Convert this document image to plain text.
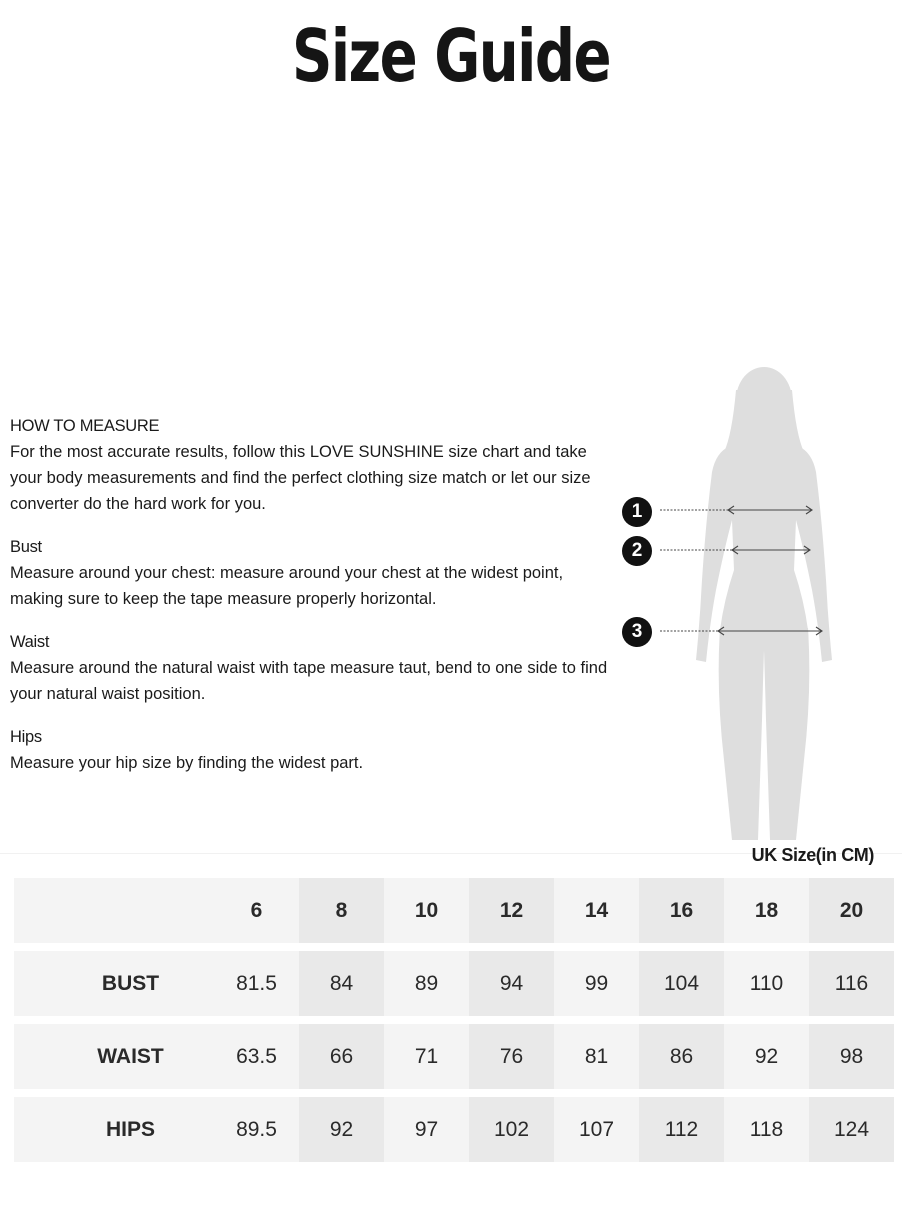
Size Guide

HOW TO MEASURE

For the most accurate results, follow this LOVE SUNSHINE size chart and take your body measurements and find the perfect clothing size match or let our size converter do the hard work for you.

Bust

Measure around your chest: measure around your chest at the widest point, making sure to keep the tape measure properly horizontal.

Waist

Measure around the natural waist with tape measure taut, bend to one side to find your natural waist position.

Hips

Measure your hip size by finding the widest part.

1
2
3
UK Size(in CM)
	6	8	10	12	14	16	18	20
BUST	81.5	84	89	94	99	104	110	116
WAIST	63.5	66	71	76	81	86	92	98
HIPS	89.5	92	97	102	107	112	118	124
